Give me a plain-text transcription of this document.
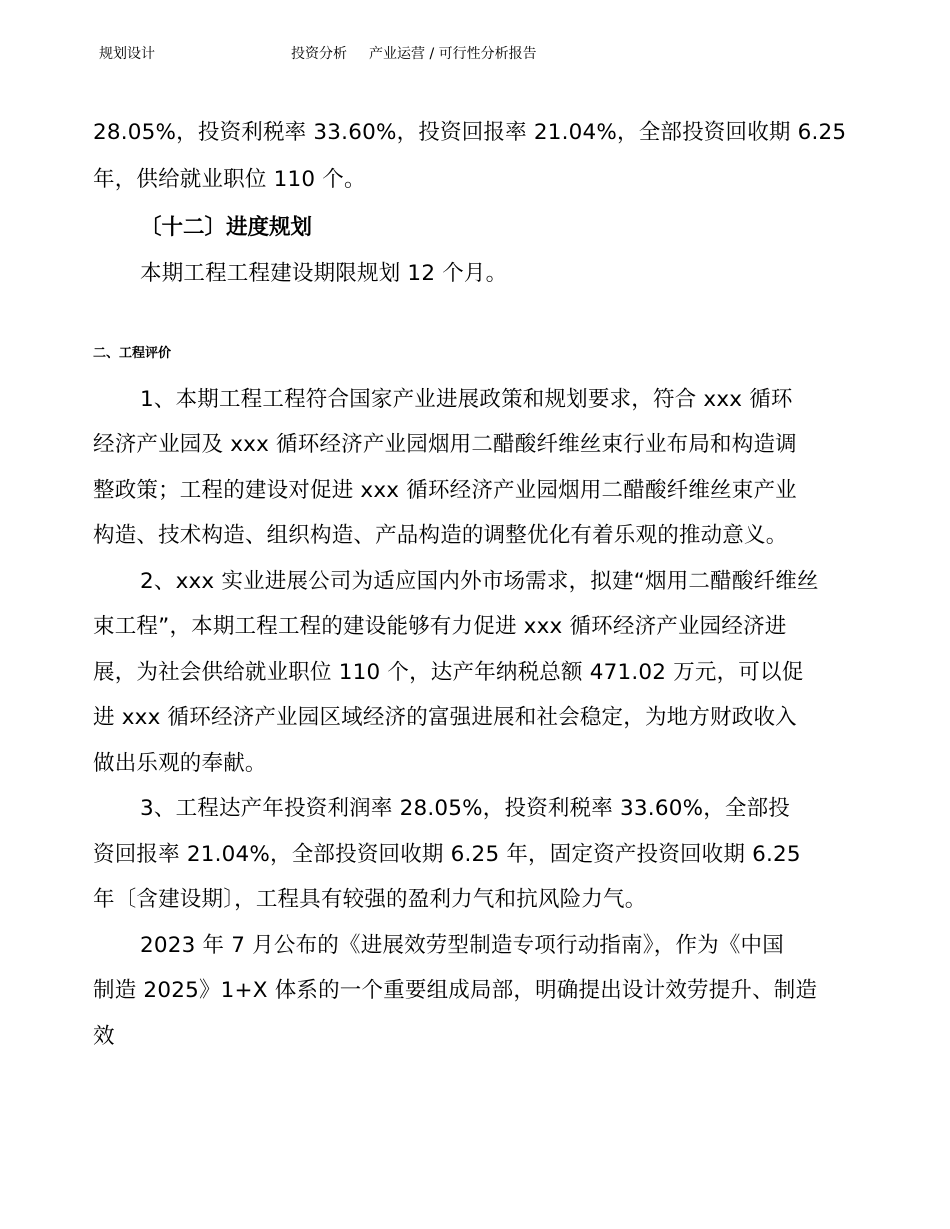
规划设计	投资分析 产业运营 / 可行性分析报告
28.05%，投资利税率 33.60%，投资回报率 21.04%，全部投资回收期 6.25
年，供给就业职位 110 个。
〔十二〕进度规划
本期工程工程建设期限规划 12 个月。
二、工程评价
1、本期工程工程符合国家产业进展政策和规划要求，符合 xxx 循环
经济产业园及 xxx 循环经济产业园烟用二醋酸纤维丝束行业布局和构造调
整政策；工程的建设对促进 xxx 循环经济产业园烟用二醋酸纤维丝束产业
构造、技术构造、组织构造、产品构造的调整优化有着乐观的推动意义。
2、xxx 实业进展公司为适应国内外市场需求，拟建“烟用二醋酸纤维丝
束工程”，本期工程工程的建设能够有力促进 xxx 循环经济产业园经济进
展，为社会供给就业职位 110 个，达产年纳税总额 471.02 万元，可以促
进 xxx 循环经济产业园区域经济的富强进展和社会稳定，为地方财政收入
做出乐观的奉献。
3、工程达产年投资利润率 28.05%，投资利税率 33.60%，全部投
资回报率 21.04%，全部投资回收期 6.25 年，固定资产投资回收期 6.25
年〔含建设期〕，工程具有较强的盈利力气和抗风险力气。
2023 年 7 月公布的《进展效劳型制造专项行动指南》，作为《中国
制造 2025》1+X 体系的一个重要组成局部，明确提出设计效劳提升、制造
效
